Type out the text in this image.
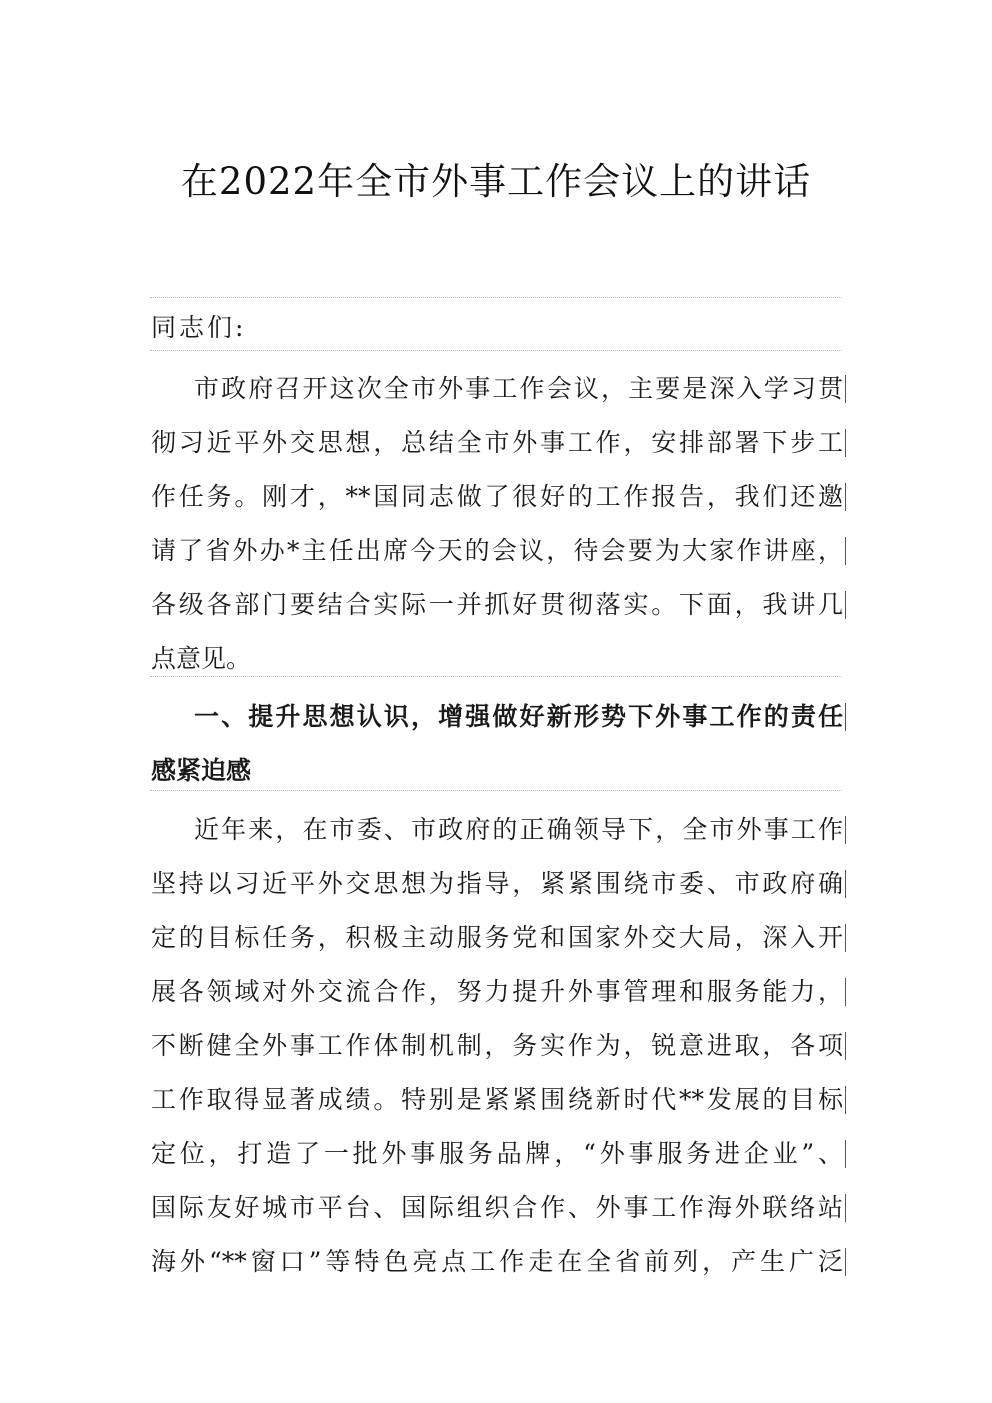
在2022年全市外事工作会议上的讲话
同志们:
市政府召开这次全市外事工作会议，主要是深入学习贯
彻习近平外交思想，总结全市外事工作，安排部署下步工
作任务。刚才，**国同志做了很好的工作报告，我们还邀
请了省外办*主任出席今天的会议，待会要为大家作讲座，
各级各部门要结合实际一并抓好贯彻落实。下面，我讲几
点意见。
一、提升思想认识，增强做好新形势下外事工作的责任
感紧迫感
近年来，在市委、市政府的正确领导下，全市外事工作
坚持以习近平外交思想为指导，紧紧围绕市委、市政府确
定的目标任务，积极主动服务党和国家外交大局，深入开
展各领域对外交流合作，努力提升外事管理和服务能力，
不断健全外事工作体制机制，务实作为，锐意进取，各项
工作取得显著成绩。特别是紧紧围绕新时代**发展的目标
定位，打造了一批外事服务品牌，“外事服务进企业”、
国际友好城市平台、国际组织合作、外事工作海外联络站
海外“**窗口”等特色亮点工作走在全省前列，产生广泛
